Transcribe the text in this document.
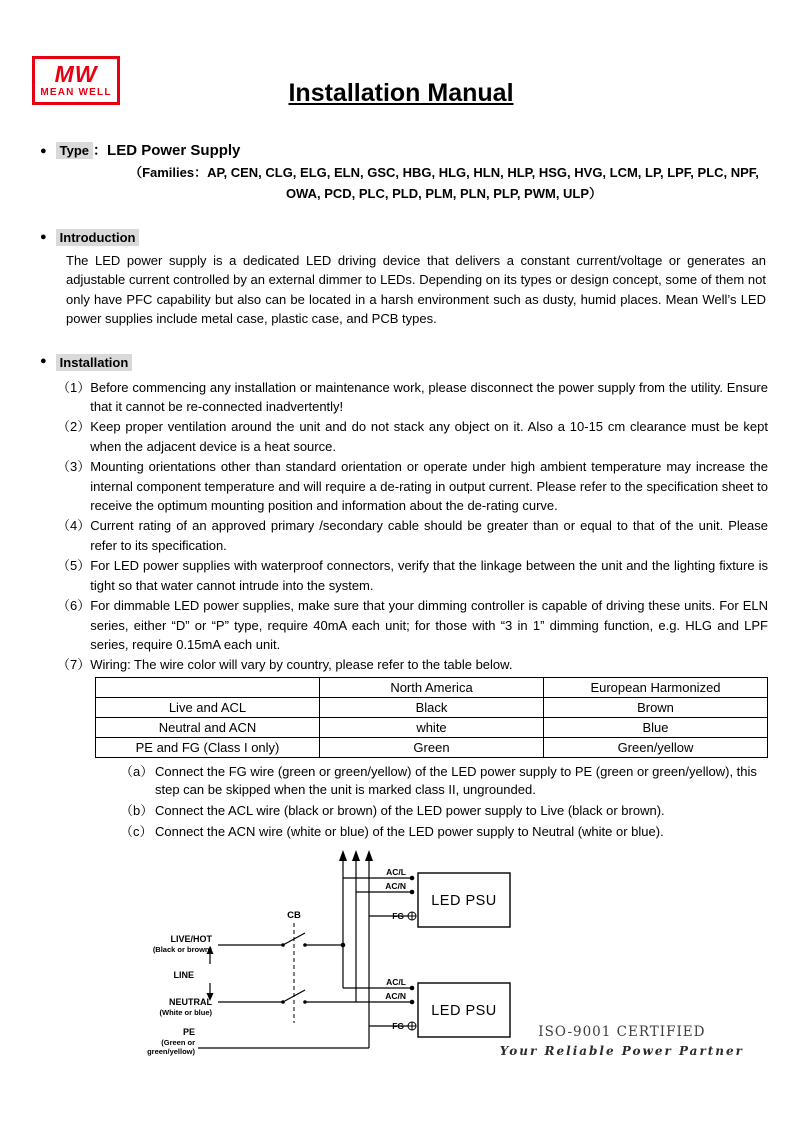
MW
MEAN WELL	Installation Manual
●	Type ： LED Power Supply
（Families：AP, CEN, CLG, ELG, ELN, GSC, HBG, HLG, HLN, HLP, HSG, HVG, LCM, LP, LPF, PLC, NPF, OWA, PCD, PLC, PLD, PLM, PLN, PLP, PWM, ULP）
●	Introduction

The LED power supply is a dedicated LED driving device that delivers a constant current/voltage or generates an adjustable current controlled by an external dimmer to LEDs. Depending on its types or design concept, some of them not only have PFC capability but also can be located in a harsh environment such as dusty, humid places. Mean Well’s LED power supplies include metal case, plastic case, and PCB types.

●	Installation
（1） Before commencing any installation or maintenance work, please disconnect the power supply from the utility. Ensure that it cannot be re-connected inadvertently!
（2） Keep proper ventilation around the unit and do not stack any object on it. Also a 10-15 cm clearance must be kept when the adjacent device is a heat source.
（3） Mounting orientations other than standard orientation or operate under high ambient temperature may increase the internal component temperature and will require a de-rating in output current. Please refer to the specification sheet to receive the optimum mounting position and information about the de-rating curve.
（4） Current rating of an approved primary /secondary cable should be greater than or equal to that of the unit. Please refer to its specification.
（5） For LED power supplies with waterproof connectors, verify that the linkage between the unit and the lighting fixture is tight so that water cannot intrude into the system.
（6） For dimmable LED power supplies, make sure that your dimming controller is capable of driving these units. For ELN series, either “D” or “P” type, require 40mA each unit; for those with “3 in 1” dimming function, e.g. HLG and LPF series, require 0.15mA each unit.
（7） Wiring: The wire color will vary by country, please refer to the table below.
	North America	European Harmonized
Live and ACL	Black	Brown
Neutral and ACN	white	Blue
PE and FG (Class I only)	Green	Green/yellow
（a） Connect the FG wire (green or green/yellow) of the LED power supply to PE (green or green/yellow), this step can be skipped when the unit is marked class II, ungrounded.
（b） Connect the ACL wire (black or brown) of the LED power supply to Live (black or brown).
（c） Connect the ACN wire (white or blue) of the LED power supply to Neutral (white or blue).
LED PSU
LED PSU
AC/L
AC/N
FG
AC/L
AC/N
FG
CB
LIVE/HOT
(Black or brown)
LINE
NEUTRAL
(White or blue)
PE
(Green or
green/yellow)
ISO-9001 CERTIFIED
Your Reliable Power Partner
